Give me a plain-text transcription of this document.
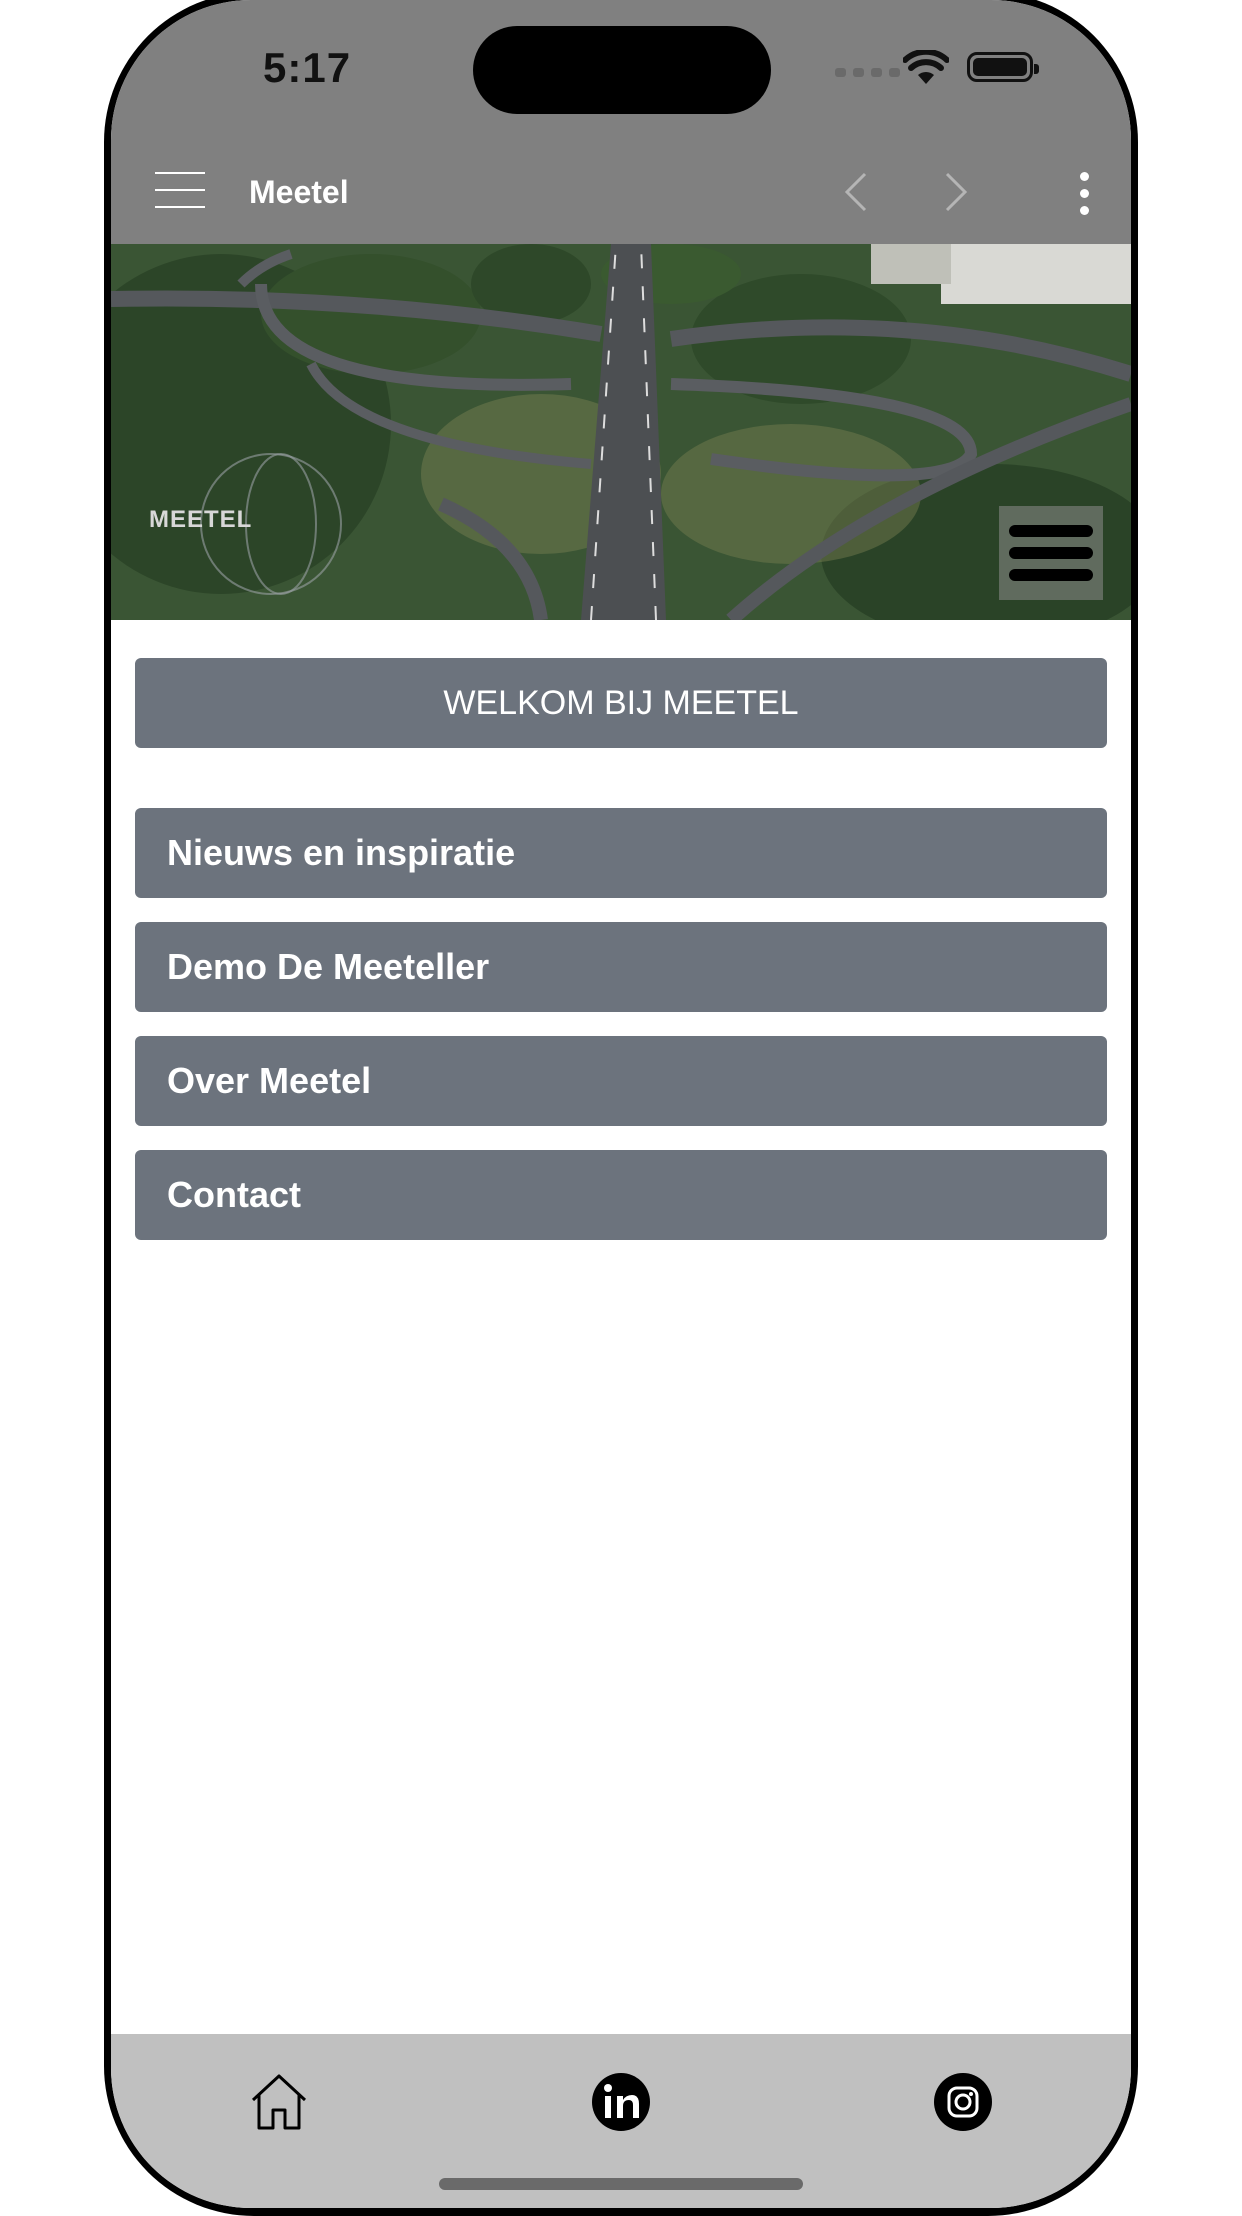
5:17
Meetel
MEETEL
WELKOM BIJ MEETEL
Nieuws en inspiratie
Demo De Meeteller
Over Meetel
Contact
